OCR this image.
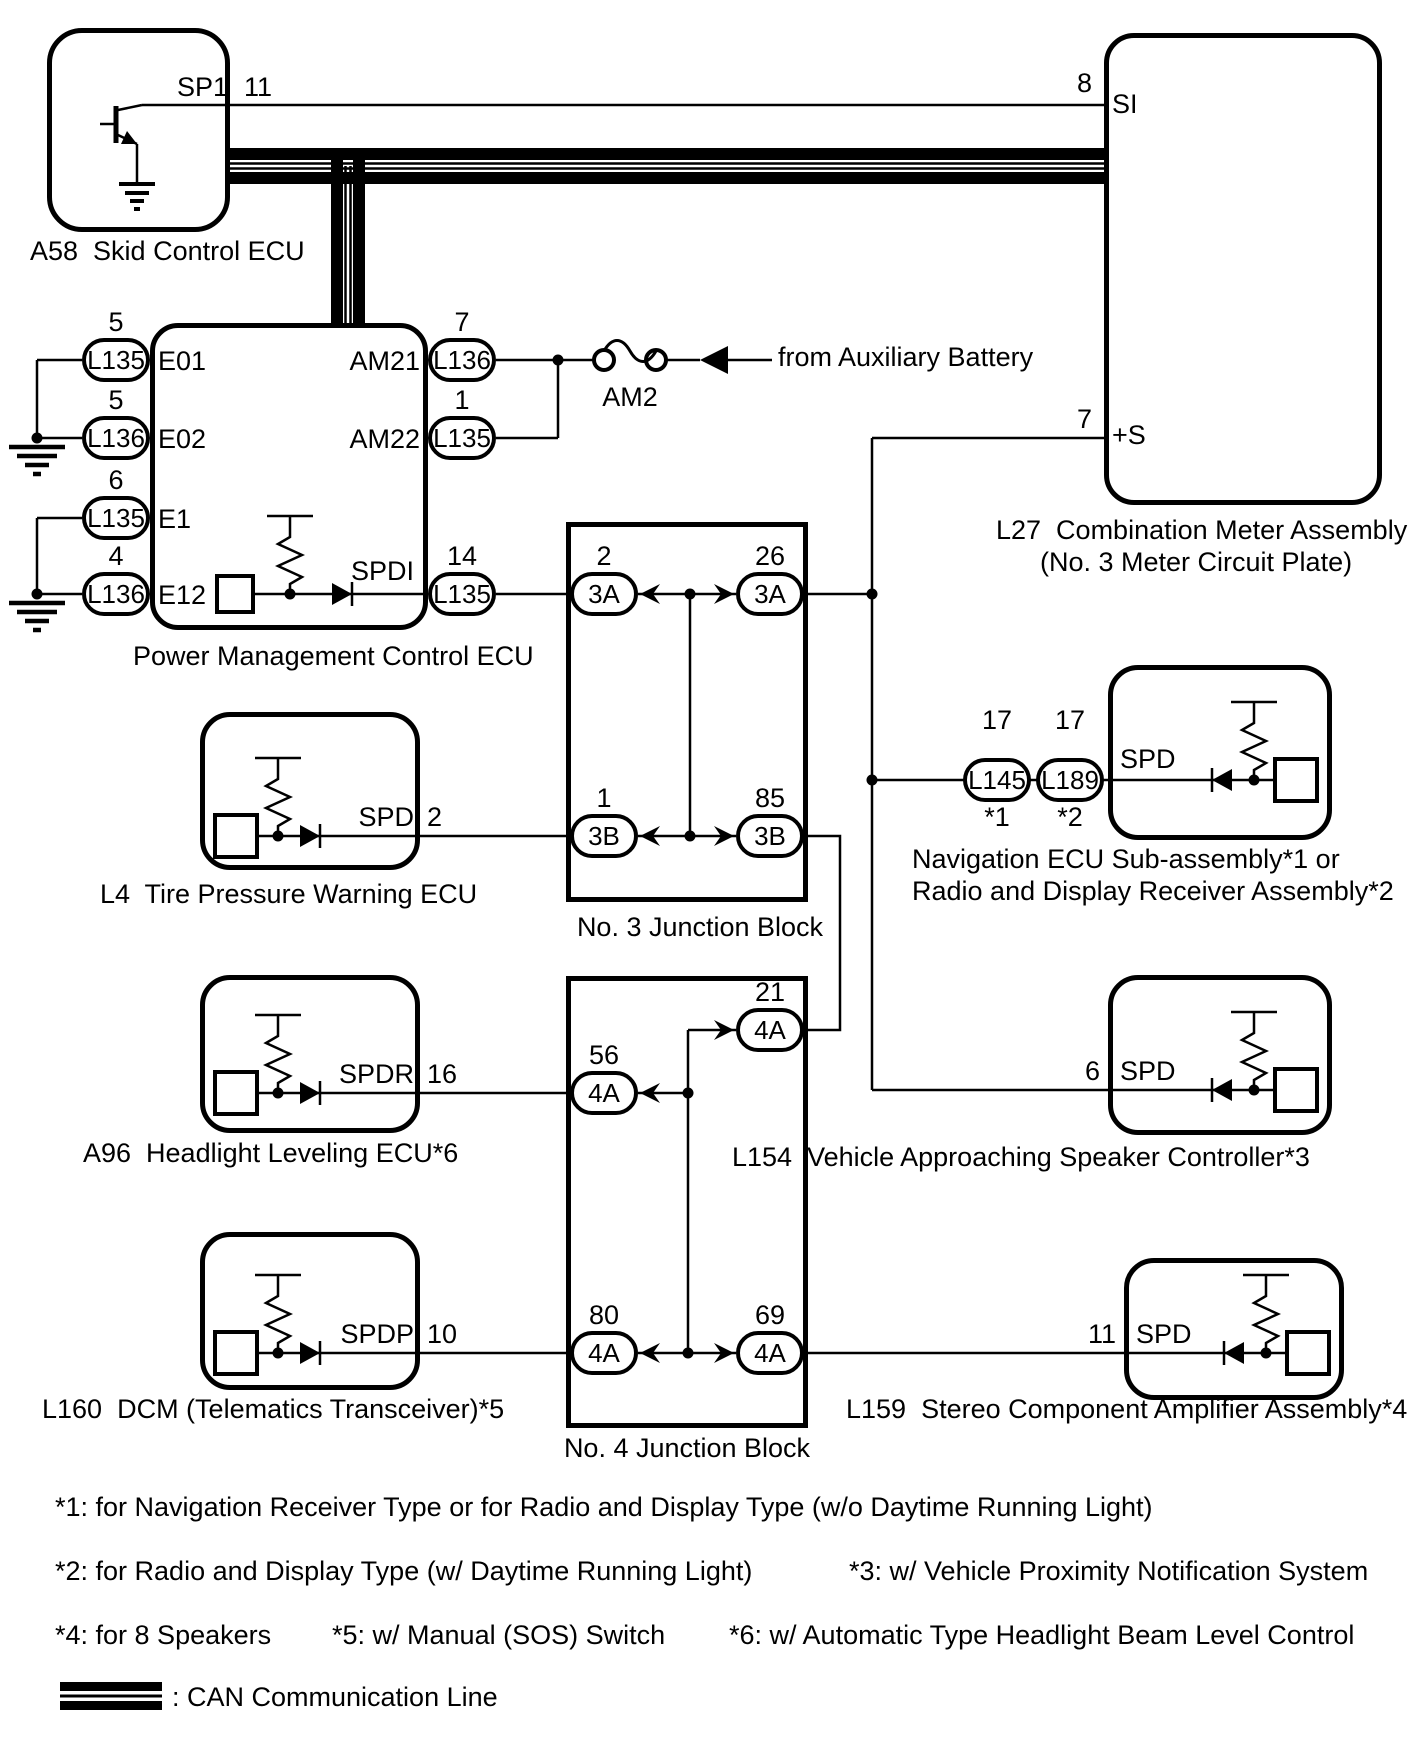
L135
L136
L135
L136
L136
L135
L135	3A	3A
3B	3B
4A
4A
4A	4A
L145 L189
SP1 11
A58  Skid Control ECU
8
SI
7
+S
L27  Combination Meter Assembly
(No. 3 Meter Circuit Plate)
Power Management Control ECU
5
5
6
4
E01
E02
E1
E12
7
1
14
AM21
AM22
SPDI
AM2
from Auxiliary Battery
2	26
1	85
No. 3 Junction Block
21
56
80	69
No. 4 Junction Block
SPD 2
L4  Tire Pressure Warning ECU
SPDR 16
A96  Headlight Leveling ECU*6
SPDP 10
L160  DCM (Telematics Transceiver)*5
17 17
*1 *2
SPD
Navigation ECU Sub-assembly*1 or
Radio and Display Receiver Assembly*2
6 SPD
L154  Vehicle Approaching Speaker Controller*3
11 SPD
L159  Stereo Component Amplifier Assembly*4
*1: for Navigation Receiver Type or for Radio and Display Type (w/o Daytime Running Light)
*2: for Radio and Display Type (w/ Daytime Running Light)	*3: w/ Vehicle Proximity Notification System
*4: for 8 Speakers *5: w/ Manual (SOS) Switch *6: w/ Automatic Type Headlight Beam Level Control
: CAN Communication Line
